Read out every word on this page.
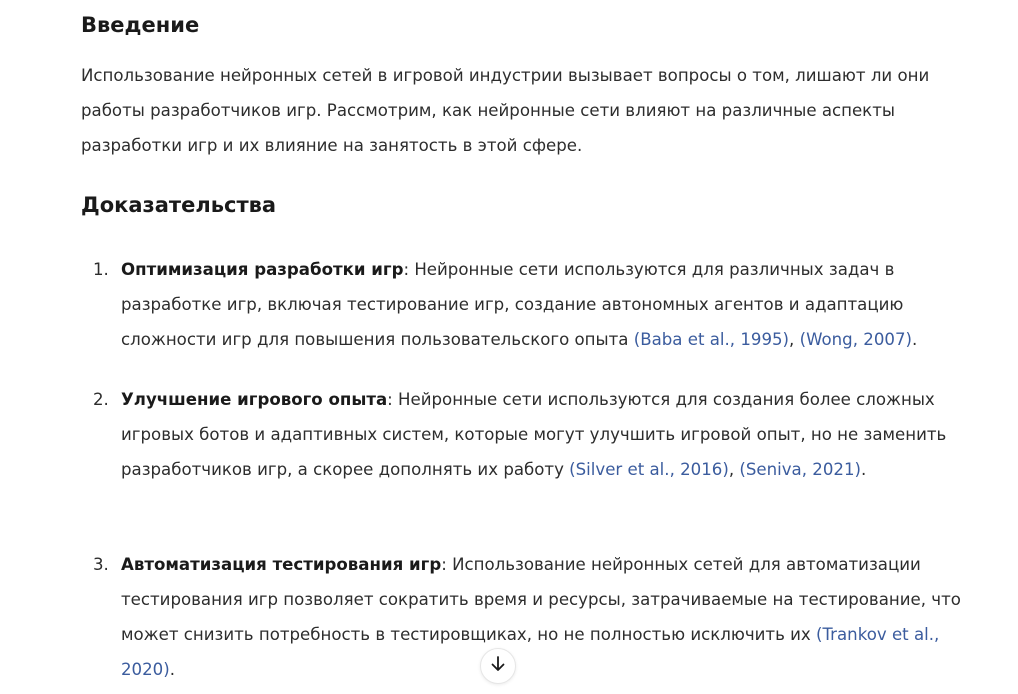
Введение

Использование нейронных сетей в игровой индустрии вызывает вопросы о том, лишают ли они работы разработчиков игр. Рассмотрим, как нейронные сети влияют на различные аспекты разработки игр и их влияние на занятость в этой сфере.

Доказательства
1. Оптимизация разработки игр: Нейронные сети используются для различных задач в разработке игр, включая тестирование игр, создание автономных агентов и адаптацию сложности игр для повышения пользовательского опыта (Baba et al., 1995), (Wong, 2007).
2. Улучшение игрового опыта: Нейронные сети используются для создания более сложных игровых ботов и адаптивных систем, которые могут улучшить игровой опыт, но не заменить разработчиков игр, а скорее дополнять их работу (Silver et al., 2016), (Seniva, 2021).
3. Автоматизация тестирования игр: Использование нейронных сетей для автоматизации тестирования игр позволяет сократить время и ресурсы, затрачиваемые на тестирование, что может снизить потребность в тестировщиках, но не полностью исключить их (Trankov et al., 2020).
